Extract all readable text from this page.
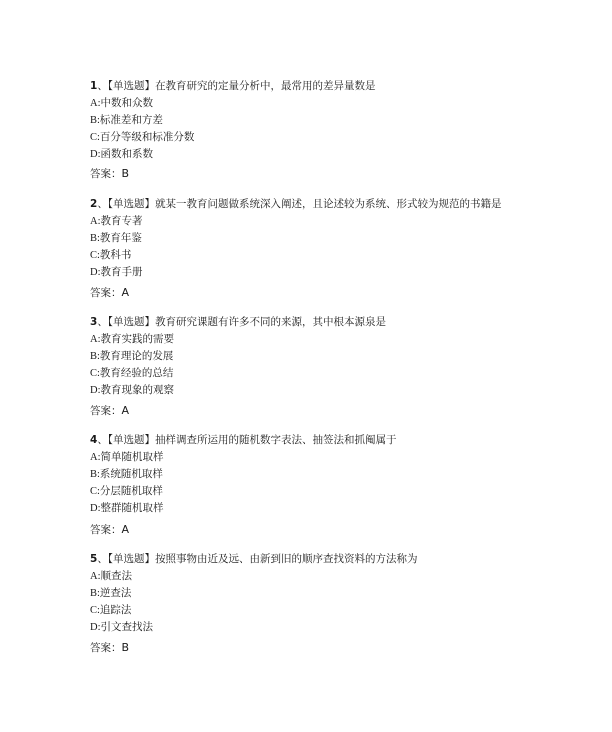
1、【单选题】在教育研究的定量分析中，最常用的差异量数是
A:中数和众数
B:标准差和方差
C:百分等级和标准分数
D:函数和系数
答案：B
2、【单选题】就某一教育问题做系统深入阐述，且论述较为系统、形式较为规范的书籍是
A:教育专著
B:教育年鉴
C:教科书
D:教育手册
答案：A
3、【单选题】教育研究课题有许多不同的来源，其中根本源泉是
A:教育实践的需要
B:教育理论的发展
C:教育经验的总结
D:教育现象的观察
答案：A
4、【单选题】抽样调查所运用的随机数字表法、抽签法和抓阄属于
A:简单随机取样
B:系统随机取样
C:分层随机取样
D:整群随机取样
答案：A
5、【单选题】按照事物由近及远、由新到旧的顺序查找资料的方法称为
A:顺查法
B:逆查法
C:追踪法
D:引文查找法
答案：B
